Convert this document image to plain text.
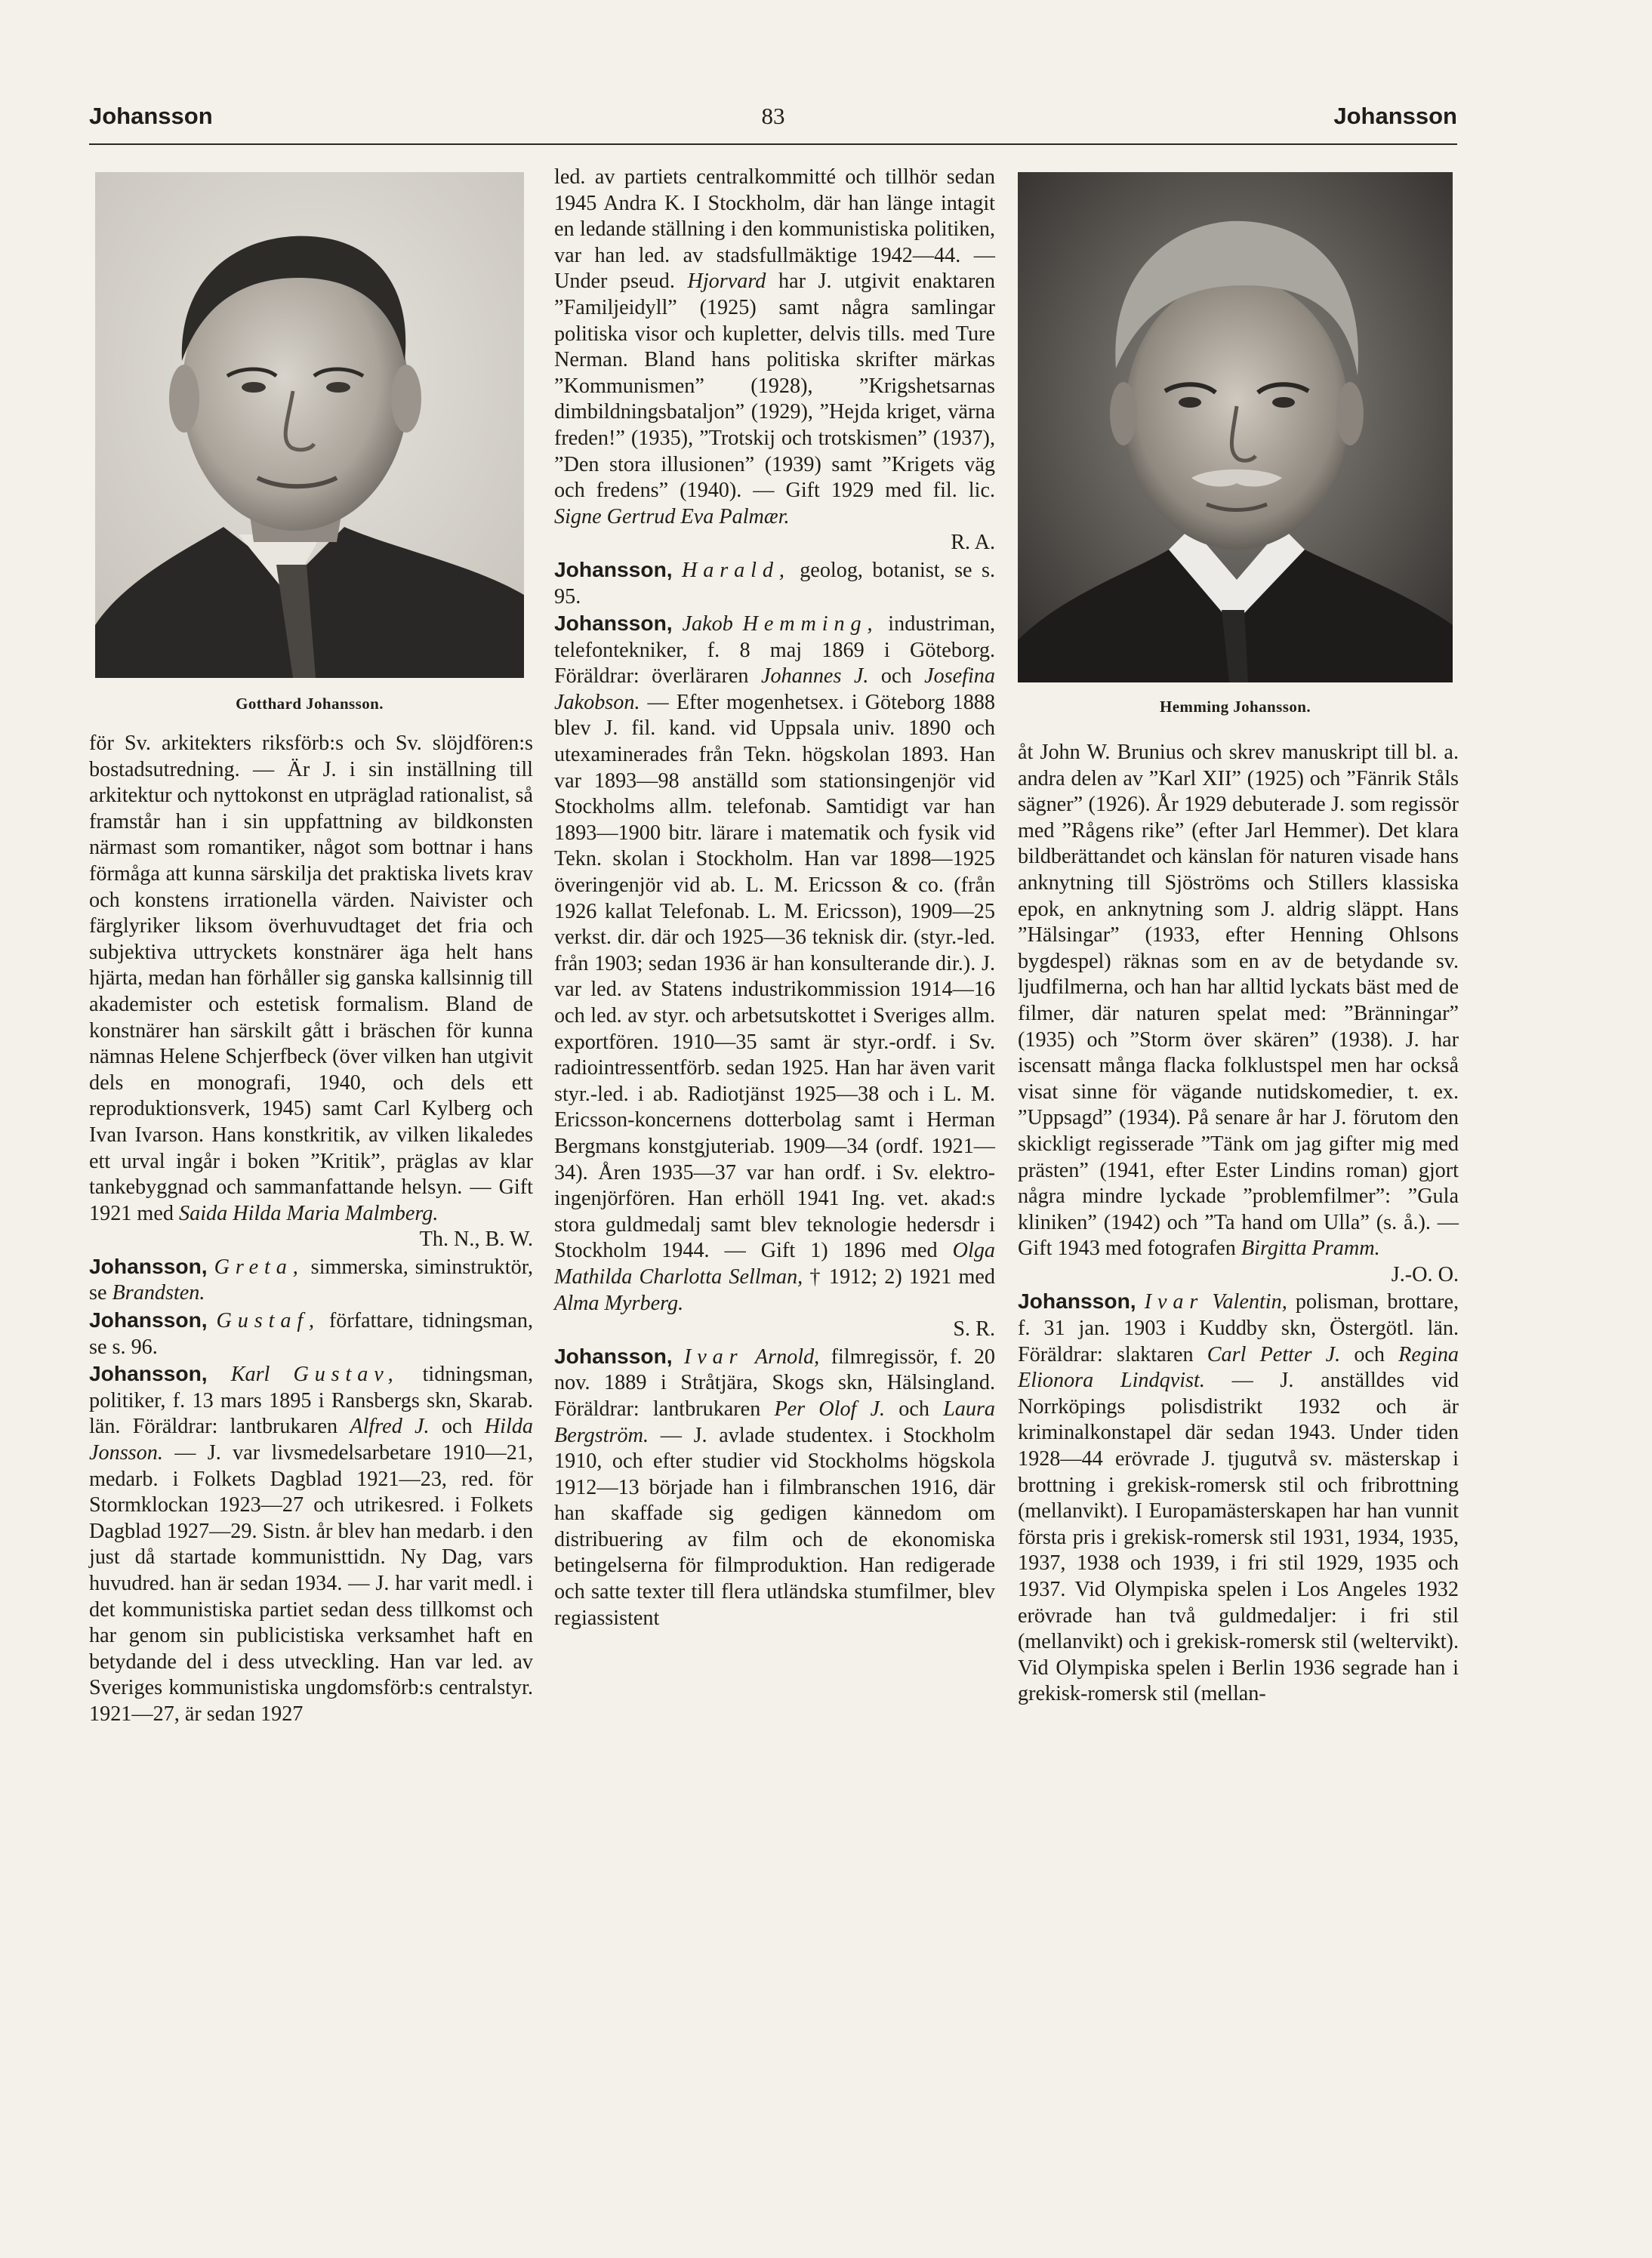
Johansson	83	Johansson
Gotthard Johansson.	Hemming Johansson.

för Sv. arkitekters riksförb:s och Sv. slöjdfören:s bostadsutredning. — Är J. i sin inställning till arkitektur och nyttokonst en utpräglad rationalist, så framstår han i sin uppfattning av bildkonsten närmast som romantiker, något som bottnar i hans förmåga att kunna särskilja det praktiska livets krav och konstens irrationella värden. Naivister och färglyriker liksom överhuvudtaget det fria och subjektiva uttryckets konstnärer äga helt hans hjärta, medan han förhåller sig ganska kallsinnig till akademister och estetisk formalism. Bland de konstnärer han särskilt gått i bräschen för kunna nämnas Helene Schjerfbeck (över vilken han utgivit dels en monografi, 1940, och dels ett reproduktionsverk, 1945) samt Carl Kylberg och Ivan Ivarson. Hans konstkritik, av vilken likaledes ett urval ingår i boken ”Kritik”, präglas av klar tankebyggnad och sammanfattande helsyn. — Gift 1921 med Saida Hilda Maria Malmberg.
Th. N., B. W.

Johansson, Greta, simmerska, siminstruktör, se Brandsten.

Johansson, Gustaf, författare, tidningsman, se s. 96.

Johansson, Karl Gustav, tidningsman, politiker, f. 13 mars 1895 i Ransbergs skn, Skarab. län. Föräldrar: lantbrukaren Alfred J. och Hilda Jonsson. — J. var livsmedelsarbetare 1910—21, medarb. i Folkets Dagblad 1921—23, red. för Stormklockan 1923—27 och utrikesred. i Folkets Dagblad 1927—29. Sistn. år blev han medarb. i den just då startade kommunisttidn. Ny Dag, vars huvudred. han är sedan 1934. — J. har varit medl. i det kommunistiska partiet sedan dess tillkomst och har genom sin publicistiska verksamhet haft en betydande del i dess utveckling. Han var led. av Sveriges kommunistiska ungdomsförb:s centralstyr. 1921—27, är sedan 1927

led. av partiets centralkommitté och tillhör sedan 1945 Andra K. I Stockholm, där han länge intagit en ledande ställning i den kommunistiska politiken, var han led. av stadsfullmäktige 1942—44. — Under pseud. Hjorvard har J. utgivit enaktaren ”Familjeidyll” (1925) samt några samlingar politiska visor och kupletter, delvis tills. med Ture Nerman. Bland hans politiska skrifter märkas ”Kommunismen” (1928), ”Krigshetsarnas dimbildningsbataljon” (1929), ”Hejda kriget, värna freden!” (1935), ”Trotskij och trotskismen” (1937), ”Den stora illusionen” (1939) samt ”Krigets väg och fredens” (1940). — Gift 1929 med fil. lic. Signe Gertrud Eva Palmær.
R. A.

Johansson, Harald, geolog, botanist, se s. 95.

Johansson, Jakob Hemming, industriman, telefontekniker, f. 8 maj 1869 i Göteborg. Föräldrar: överläraren Johannes J. och Josefina Jakobson. — Efter mogenhetsex. i Göteborg 1888 blev J. fil. kand. vid Uppsala univ. 1890 och utexaminerades från Tekn. högskolan 1893. Han var 1893—98 anställd som stationsingenjör vid Stockholms allm. telefonab. Samtidigt var han 1893—1900 bitr. lärare i matematik och fysik vid Tekn. skolan i Stockholm. Han var 1898—1925 överingenjör vid ab. L. M. Ericsson & co. (från 1926 kallat Telefonab. L. M. Ericsson), 1909—25 verkst. dir. där och 1925—36 teknisk dir. (styr.-led. från 1903; sedan 1936 är han konsulterande dir.). J. var led. av Statens industrikommission 1914—16 och led. av styr. och arbetsutskottet i Sveriges allm. exportfören. 1910—35 samt är styr.-ordf. i Sv. radiointressentförb. sedan 1925. Han har även varit styr.-led. i ab. Radiotjänst 1925—38 och i L. M. Ericsson-koncernens dotterbolag samt i Herman Bergmans konstgjuteriab. 1909—34 (ordf. 1921—34). Åren 1935—37 var han ordf. i Sv. elektro-ingenjörfören. Han erhöll 1941 Ing. vet. akad:s stora guldmedalj samt blev teknologie hedersdr i Stockholm 1944. — Gift 1) 1896 med Olga Mathilda Charlotta Sellman, † 1912; 2) 1921 med Alma Myrberg.
S. R.

Johansson, Ivar Arnold, filmregissör, f. 20 nov. 1889 i Stråtjära, Skogs skn, Hälsingland. Föräldrar: lantbrukaren Per Olof J. och Laura Bergström. — J. avlade studentex. i Stockholm 1910, och efter studier vid Stockholms högskola 1912—13 började han i filmbranschen 1916, där han skaffade sig gedigen kännedom om distribuering av film och de ekonomiska betingelserna för filmproduktion. Han redigerade och satte texter till flera utländska stumfilmer, blev regiassistent

åt John W. Brunius och skrev manuskript till bl. a. andra delen av ”Karl XII” (1925) och ”Fänrik Ståls sägner” (1926). År 1929 debuterade J. som regissör med ”Rågens rike” (efter Jarl Hemmer). Det klara bildberättandet och känslan för naturen visade hans anknytning till Sjöströms och Stillers klassiska epok, en anknytning som J. aldrig släppt. Hans ”Hälsingar” (1933, efter Henning Ohlsons bygdespel) räknas som en av de betydande sv. ljudfilmerna, och han har alltid lyckats bäst med de filmer, där naturen spelat med: ”Bränningar” (1935) och ”Storm över skären” (1938). J. har iscensatt många flacka folklustspel men har också visat sinne för vägande nutidskomedier, t. ex. ”Uppsagd” (1934). På senare år har J. förutom den skickligt regisserade ”Tänk om jag gifter mig med prästen” (1941, efter Ester Lindins roman) gjort några mindre lyckade ”problemfilmer”: ”Gula kliniken” (1942) och ”Ta hand om Ulla” (s. å.). — Gift 1943 med fotografen Birgitta Pramm.
J.-O. O.

Johansson, Ivar Valentin, polisman, brottare, f. 31 jan. 1903 i Kuddby skn, Östergötl. län. Föräldrar: slaktaren Carl Petter J. och Regina Elionora Lindqvist. — J. anställdes vid Norrköpings polisdistrikt 1932 och är kriminalkonstapel där sedan 1943. Under tiden 1928—44 erövrade J. tjugutvå sv. mästerskap i brottning i grekisk-romersk stil och fribrottning (mellanvikt). I Europamästerskapen har han vunnit första pris i grekisk-romersk stil 1931, 1934, 1935, 1937, 1938 och 1939, i fri stil 1929, 1935 och 1937. Vid Olympiska spelen i Los Angeles 1932 erövrade han två guldmedaljer: i fri stil (mellanvikt) och i grekisk-romersk stil (weltervikt). Vid Olympiska spelen i Berlin 1936 segrade han i grekisk-romersk stil (mellan-
